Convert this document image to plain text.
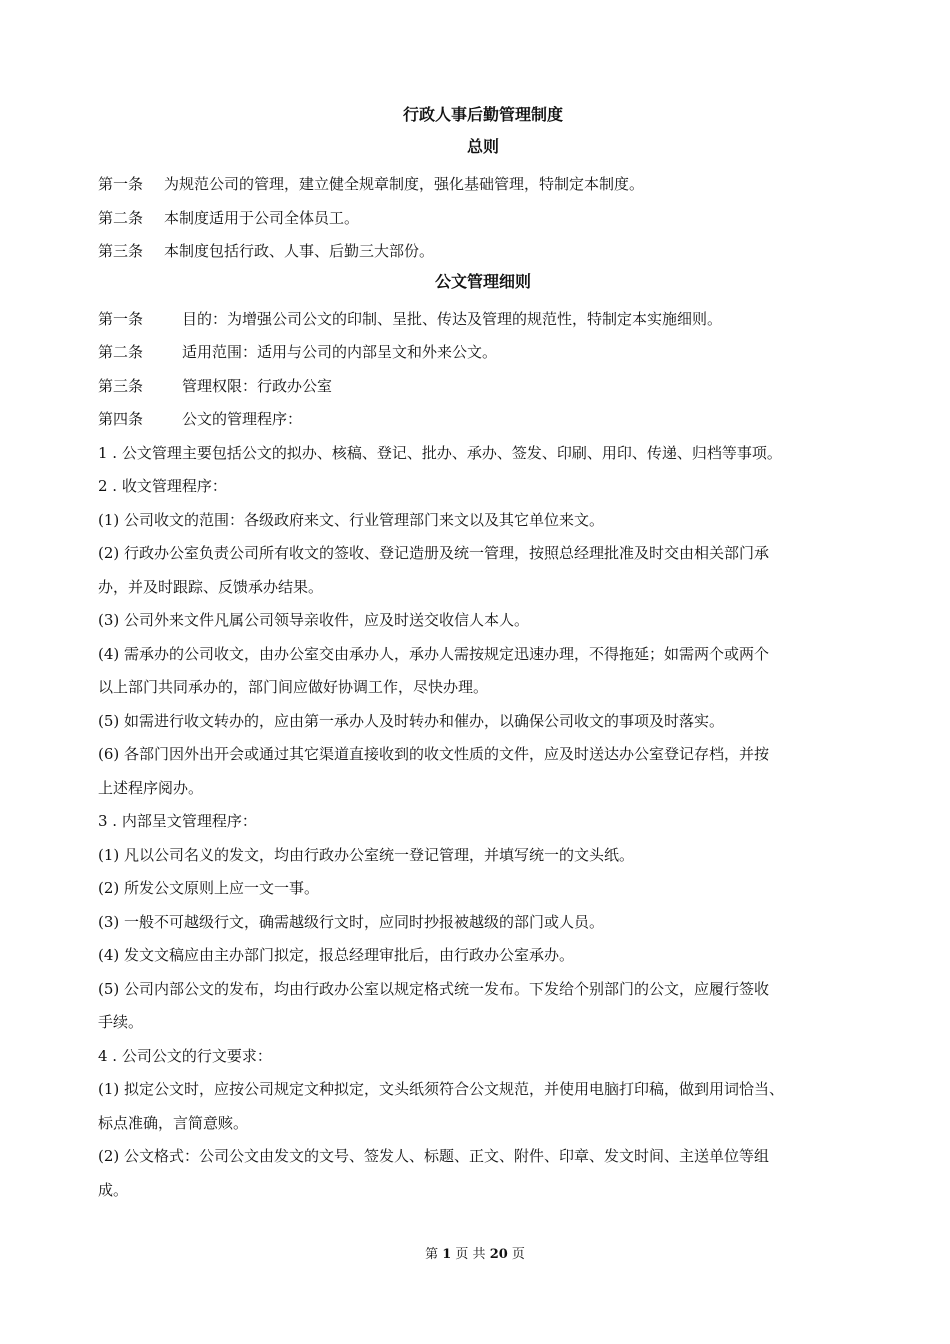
行政人事后勤管理制度
总则
第一条 为规范公司的管理，建立健全规章制度，强化基础管理，特制定本制度。
第二条 本制度适用于公司全体员工。
第三条 本制度包括行政、人事、后勤三大部份。
公文管理细则
第一条	目的：为增强公司公文的印制、呈批、传达及管理的规范性，特制定本实施细则。
第二条	适用范围：适用与公司的内部呈文和外来公文。
第三条	管理权限：行政办公室
第四条	公文的管理程序：
1 . 公文管理主要包括公文的拟办、核稿、登记、批办、承办、签发、印刷、用印、传递、归档等事项。
2 . 收文管理程序：
(1) 公司收文的范围：各级政府来文、行业管理部门来文以及其它单位来文。
(2) 行政办公室负责公司所有收文的签收、登记造册及统一管理，按照总经理批准及时交由相关部门承
办，并及时跟踪、反馈承办结果。
(3) 公司外来文件凡属公司领导亲收件，应及时送交收信人本人。
(4) 需承办的公司收文，由办公室交由承办人，承办人需按规定迅速办理，不得拖延；如需两个或两个
以上部门共同承办的，部门间应做好协调工作，尽快办理。
(5) 如需进行收文转办的，应由第一承办人及时转办和催办，以确保公司收文的事项及时落实。
(6) 各部门因外出开会或通过其它渠道直接收到的收文性质的文件，应及时送达办公室登记存档，并按
上述程序阅办。
3 . 内部呈文管理程序：
(1) 凡以公司名义的发文，均由行政办公室统一登记管理，并填写统一的文头纸。
(2) 所发公文原则上应一文一事。
(3) 一般不可越级行文，确需越级行文时，应同时抄报被越级的部门或人员。
(4) 发文文稿应由主办部门拟定，报总经理审批后，由行政办公室承办。
(5) 公司内部公文的发布，均由行政办公室以规定格式统一发布。下发给个别部门的公文，应履行签收
手续。
4 . 公司公文的行文要求：
(1) 拟定公文时，应按公司规定文种拟定，文头纸须符合公文规范，并使用电脑打印稿，做到用词恰当、
标点准确，言简意赅。
(2) 公文格式：公司公文由发文的文号、签发人、标题、正文、附件、印章、发文时间、主送单位等组
成。
第 1 页 共 20 页
